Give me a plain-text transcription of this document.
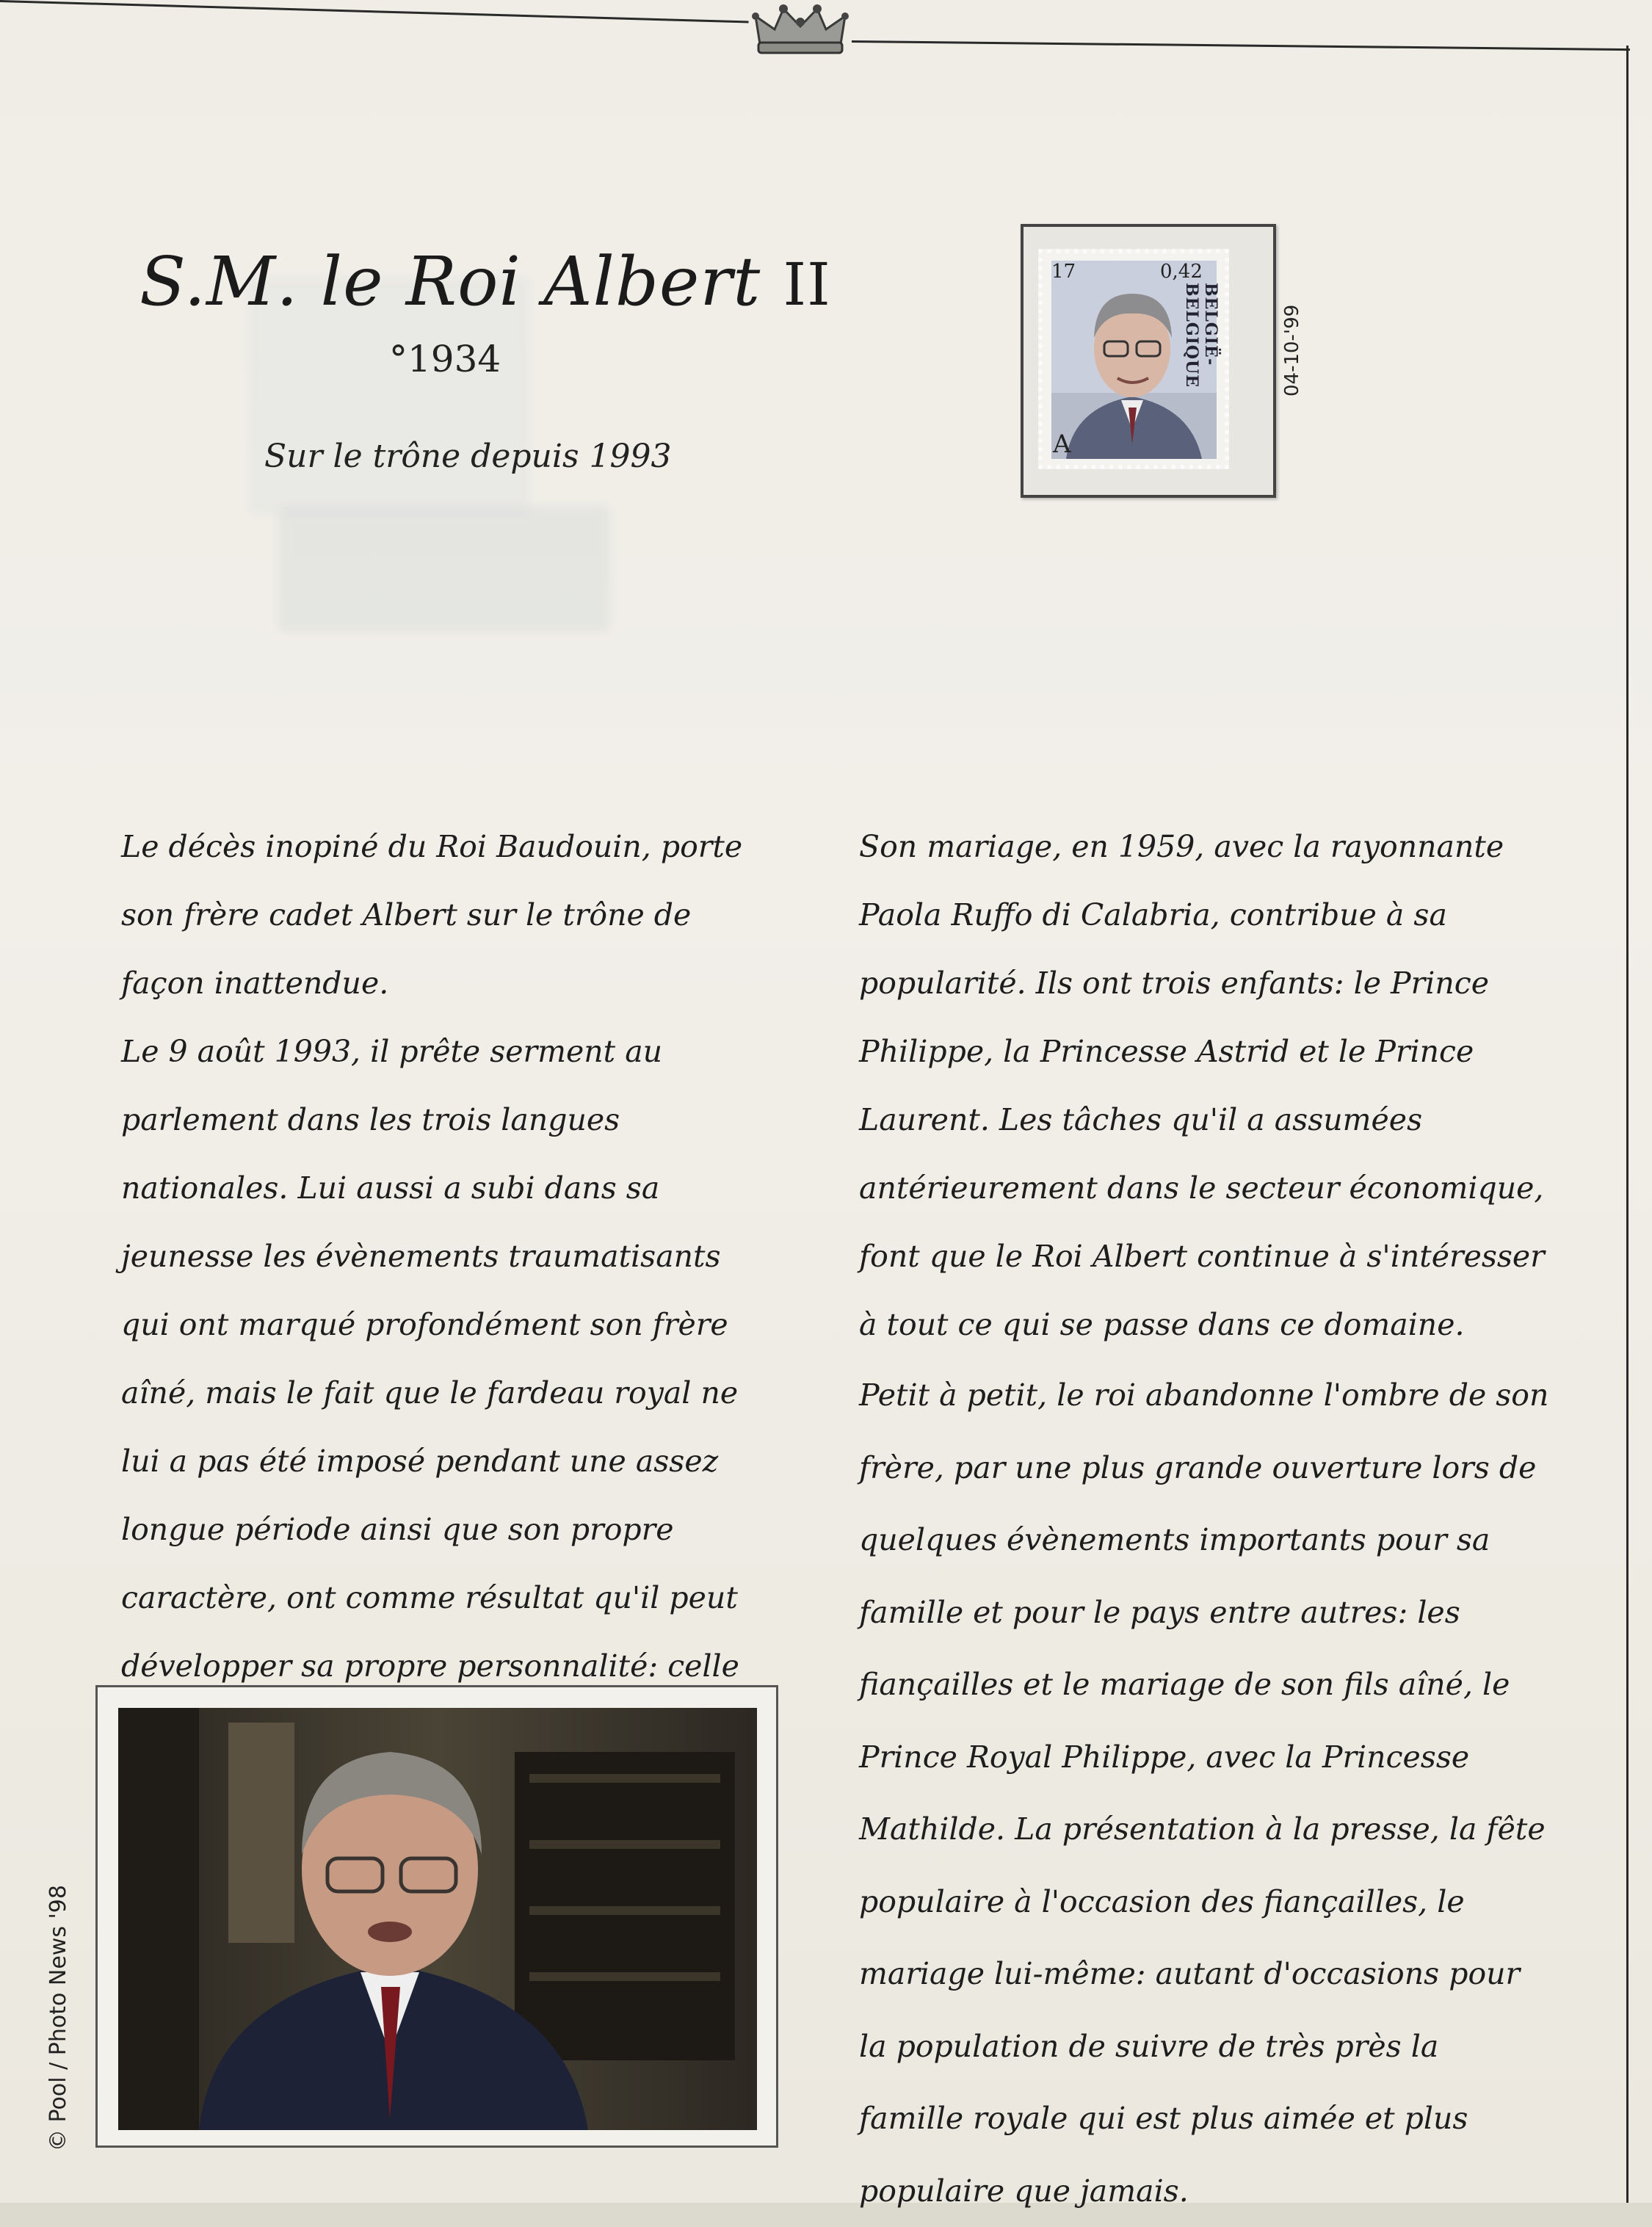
S.M. le Roi Albert II
°1934
Sur le trône depuis 1993
17	0,42
BELGIË-BELGIQUE
A
04-10-'99

Le décès inopiné du Roi Baudouin, porte son frère cadet Albert sur le trône de façon inattendue.

Le 9 août 1993, il prête serment au parlement dans les trois langues nationales. Lui aussi a subi dans sa jeunesse les évènements traumatisants qui ont marqué profondément son frère aîné, mais le fait que le fardeau royal ne lui a pas été imposé pendant une assez longue période ainsi que son propre caractère, ont comme résultat qu'il peut développer sa propre personnalité: celle

Son mariage, en 1959, avec la rayonnante Paola Ruffo di Calabria, contribue à sa popularité. Ils ont trois enfants: le Prince Philippe, la Princesse Astrid et le Prince Laurent. Les tâches qu'il a assumées antérieurement dans le secteur économique, font que le Roi Albert continue à s'intéresser à tout ce qui se passe dans ce domaine.

Petit à petit, le roi abandonne l'ombre de son frère, par une plus grande ouverture lors de quelques évènements importants pour sa famille et pour le pays entre autres: les fiançailles et le mariage de son fils aîné, le Prince Royal Philippe, avec la Princesse Mathilde. La présentation à la presse, la fête populaire à l'occasion des fiançailles, le mariage lui-même: autant d'occasions pour la population de suivre de très près la famille royale qui est plus aimée et plus populaire que jamais.

© Pool / Photo News '98
